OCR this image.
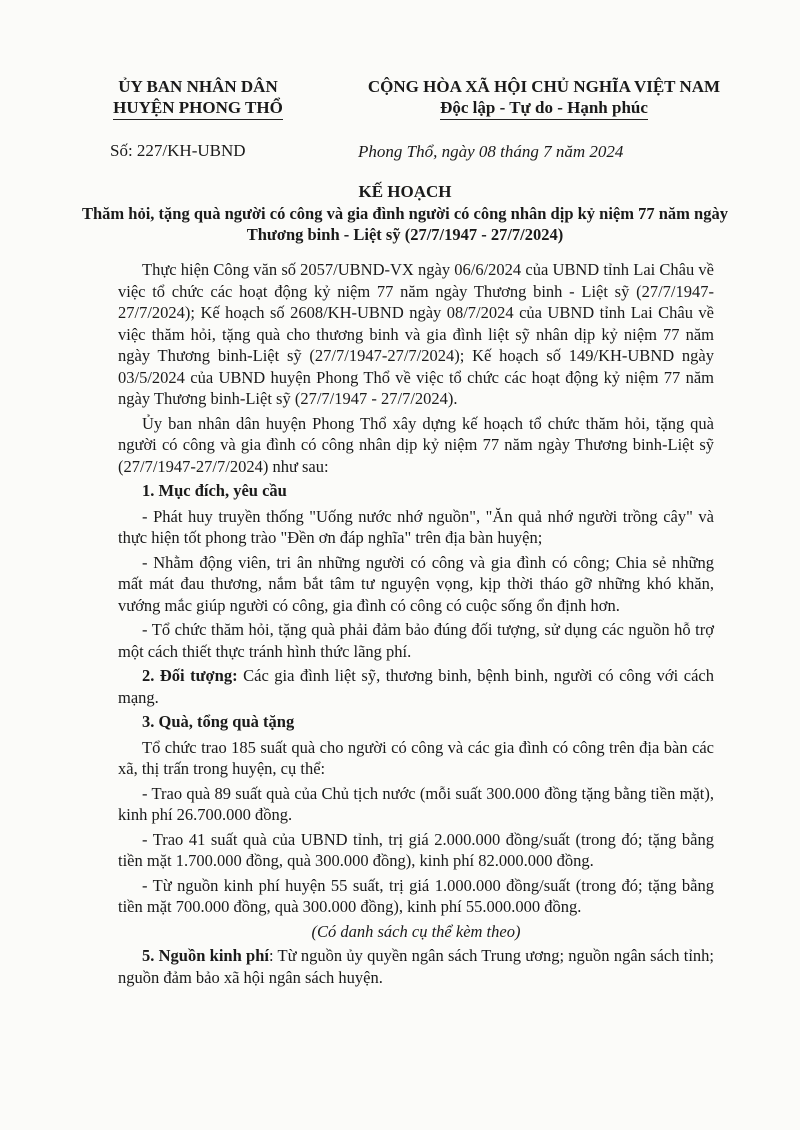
ỦY BAN NHÂN DÂN
HUYỆN PHONG THỔ
CỘNG HÒA XÃ HỘI CHỦ NGHĨA VIỆT NAM
Độc lập - Tự do - Hạnh phúc
Số: 227/KH-UBND	Phong Thổ, ngày 08 tháng 7 năm 2024
KẾ HOẠCH
Thăm hỏi, tặng quà người có công và gia đình người có công nhân dịp kỷ niệm 77 năm ngày Thương binh - Liệt sỹ (27/7/1947 - 27/7/2024)

Thực hiện Công văn số 2057/UBND-VX ngày 06/6/2024 của UBND tỉnh Lai Châu về việc tổ chức các hoạt động kỷ niệm 77 năm ngày Thương binh - Liệt sỹ (27/7/1947-27/7/2024); Kế hoạch số 2608/KH-UBND ngày 08/7/2024 của UBND tỉnh Lai Châu về việc thăm hỏi, tặng quà cho thương binh và gia đình liệt sỹ nhân dịp kỷ niệm 77 năm ngày Thương binh-Liệt sỹ (27/7/1947-27/7/2024); Kế hoạch số 149/KH-UBND ngày 03/5/2024 của UBND huyện Phong Thổ về việc tổ chức các hoạt động kỷ niệm 77 năm ngày Thương binh-Liệt sỹ (27/7/1947 - 27/7/2024).

Ủy ban nhân dân huyện Phong Thổ xây dựng kế hoạch tổ chức thăm hỏi, tặng quà người có công và gia đình có công nhân dịp kỷ niệm 77 năm ngày Thương binh-Liệt sỹ (27/7/1947-27/7/2024) như sau:

1. Mục đích, yêu cầu

- Phát huy truyền thống "Uống nước nhớ nguồn", "Ăn quả nhớ người trồng cây" và thực hiện tốt phong trào "Đền ơn đáp nghĩa" trên địa bàn huyện;

- Nhằm động viên, tri ân những người có công và gia đình có công; Chia sẻ những mất mát đau thương, nắm bắt tâm tư nguyện vọng, kịp thời tháo gỡ những khó khăn, vướng mắc giúp người có công, gia đình có công có cuộc sống ổn định hơn.

- Tổ chức thăm hỏi, tặng quà phải đảm bảo đúng đối tượng, sử dụng các nguồn hỗ trợ một cách thiết thực tránh hình thức lãng phí.

2. Đối tượng: Các gia đình liệt sỹ, thương binh, bệnh binh, người có công với cách mạng.

3. Quà, tổng quà tặng

Tổ chức trao 185 suất quà cho người có công và các gia đình có công trên địa bàn các xã, thị trấn trong huyện, cụ thể:

- Trao quà 89 suất quà của Chủ tịch nước (mỗi suất 300.000 đồng tặng bằng tiền mặt), kinh phí 26.700.000 đồng.

- Trao 41 suất quà của UBND tỉnh, trị giá 2.000.000 đồng/suất (trong đó; tặng bằng tiền mặt 1.700.000 đồng, quà 300.000 đồng), kinh phí 82.000.000 đồng.

- Từ nguồn kinh phí huyện 55 suất, trị giá 1.000.000 đồng/suất (trong đó; tặng bằng tiền mặt 700.000 đồng, quà 300.000 đồng), kinh phí 55.000.000 đồng.

(Có danh sách cụ thể kèm theo)

5. Nguồn kinh phí: Từ nguồn ủy quyền ngân sách Trung ương; nguồn ngân sách tỉnh; nguồn đảm bảo xã hội ngân sách huyện.
